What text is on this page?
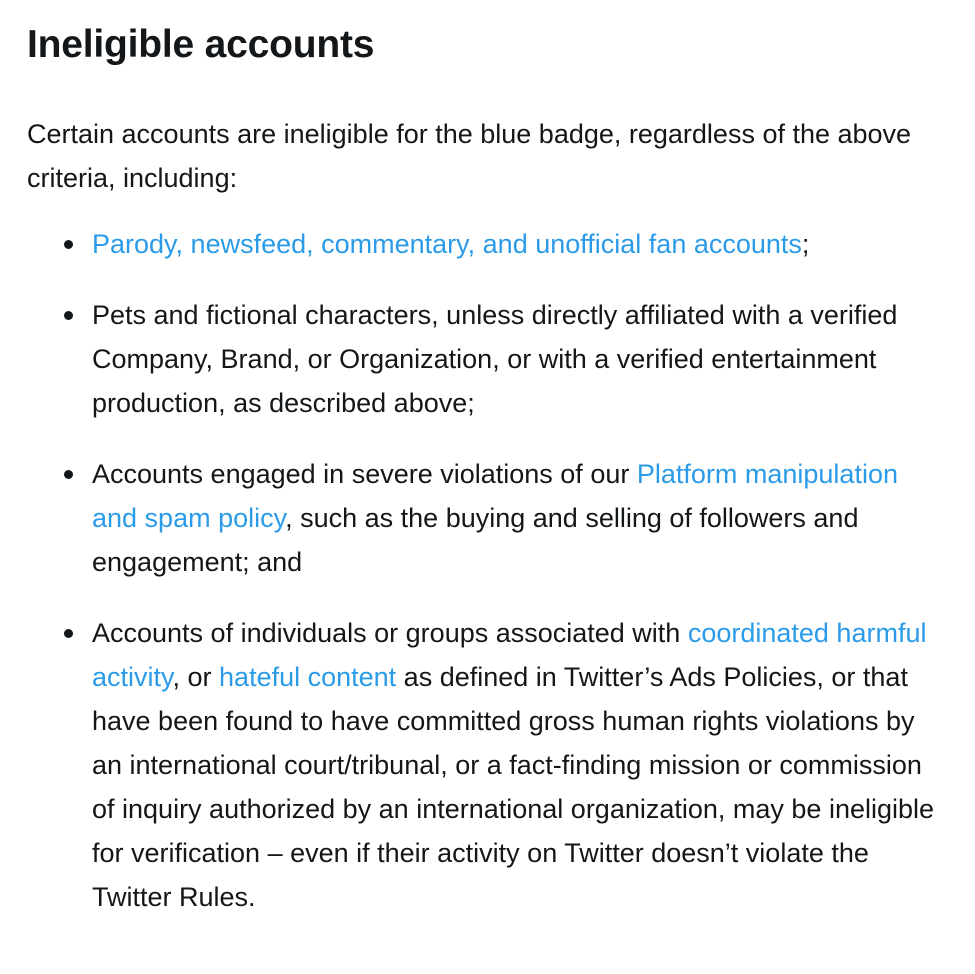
Ineligible accounts

Certain accounts are ineligible for the blue badge, regardless of the above criteria, including:

Parody, newsfeed, commentary, and unofficial fan accounts;
Pets and fictional characters, unless directly affiliated with a verified Company, Brand, or Organization, or with a verified entertainment production, as described above;
Accounts engaged in severe violations of our Platform manipulation and spam policy, such as the buying and selling of followers and engagement; and
Accounts of individuals or groups associated with coordinated harmful activity, or hateful content as defined in Twitter’s Ads Policies, or that have been found to have committed gross human rights violations by an international court/tribunal, or a fact-finding mission or commission of inquiry authorized by an international organization, may be ineligible for verification – even if their activity on Twitter doesn’t violate the Twitter Rules.
